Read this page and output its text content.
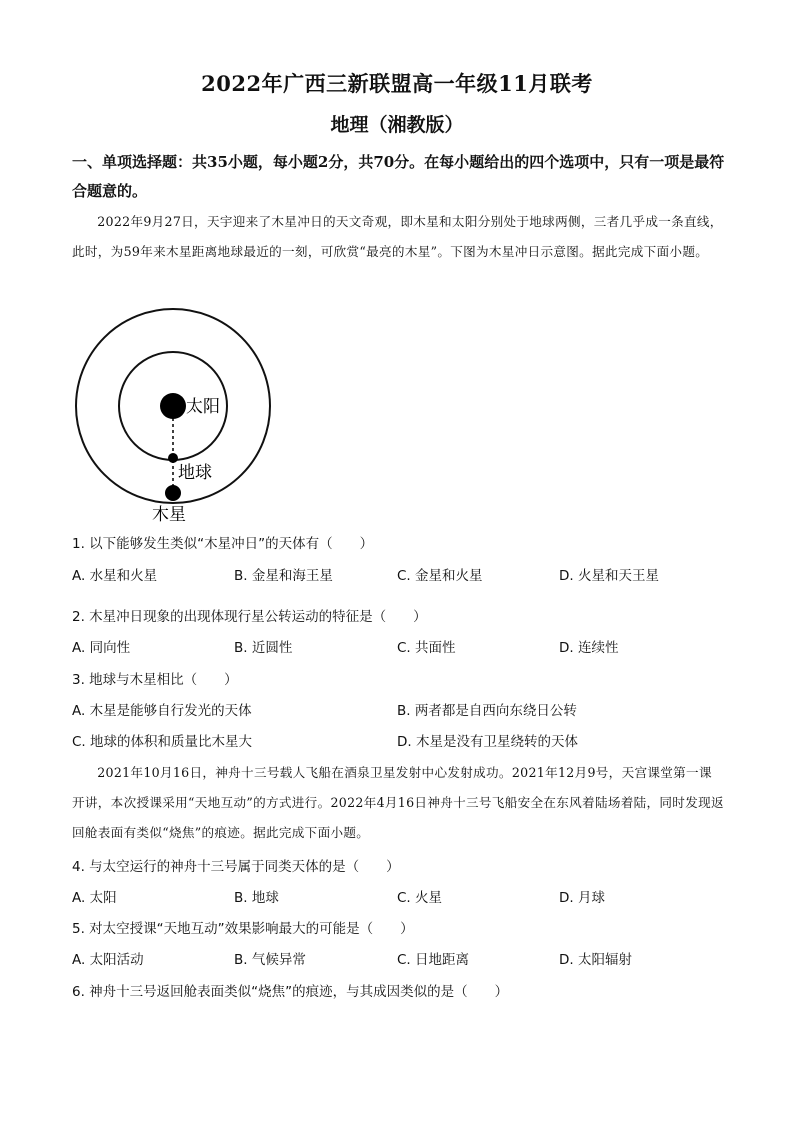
2022年广西三新联盟高一年级11月联考
地理（湘教版）
一、单项选择题：共35小题，每小题2分，共70分。在每小题给出的四个选项中，只有一项是最符合题意的。
2022年9月27日，天宇迎来了木星冲日的天文奇观，即木星和太阳分别处于地球两侧，三者几乎成一条直线，此时，为59年来木星距离地球最近的一刻，可欣赏“最亮的木星”。下图为木星冲日示意图。据此完成下面小题。
太阳
地球
木星
1. 以下能够发生类似“木星冲日”的天体有（　　）
A. 水星和火星	B. 金星和海王星	C. 金星和火星	D. 火星和天王星
2. 木星冲日现象的出现体现行星公转运动的特征是（　　）
A. 同向性	B. 近圆性	C. 共面性	D. 连续性
3. 地球与木星相比（　　）
A. 木星是能够自行发光的天体	B. 两者都是自西向东绕日公转
C. 地球的体积和质量比木星大	D. 木星是没有卫星绕转的天体
2021年10月16日，神舟十三号载人飞船在酒泉卫星发射中心发射成功。2021年12月9号，天宫课堂第一课开讲，本次授课采用“天地互动”的方式进行。2022年4月16日神舟十三号飞船安全在东风着陆场着陆，同时发现返回舱表面有类似“烧焦”的痕迹。据此完成下面小题。
4. 与太空运行的神舟十三号属于同类天体的是（　　）
A. 太阳	B. 地球	C. 火星	D. 月球
5. 对太空授课“天地互动”效果影响最大的可能是（　　）
A. 太阳活动	B. 气候异常	C. 日地距离	D. 太阳辐射
6. 神舟十三号返回舱表面类似“烧焦”的痕迹，与其成因类似的是（　　）
